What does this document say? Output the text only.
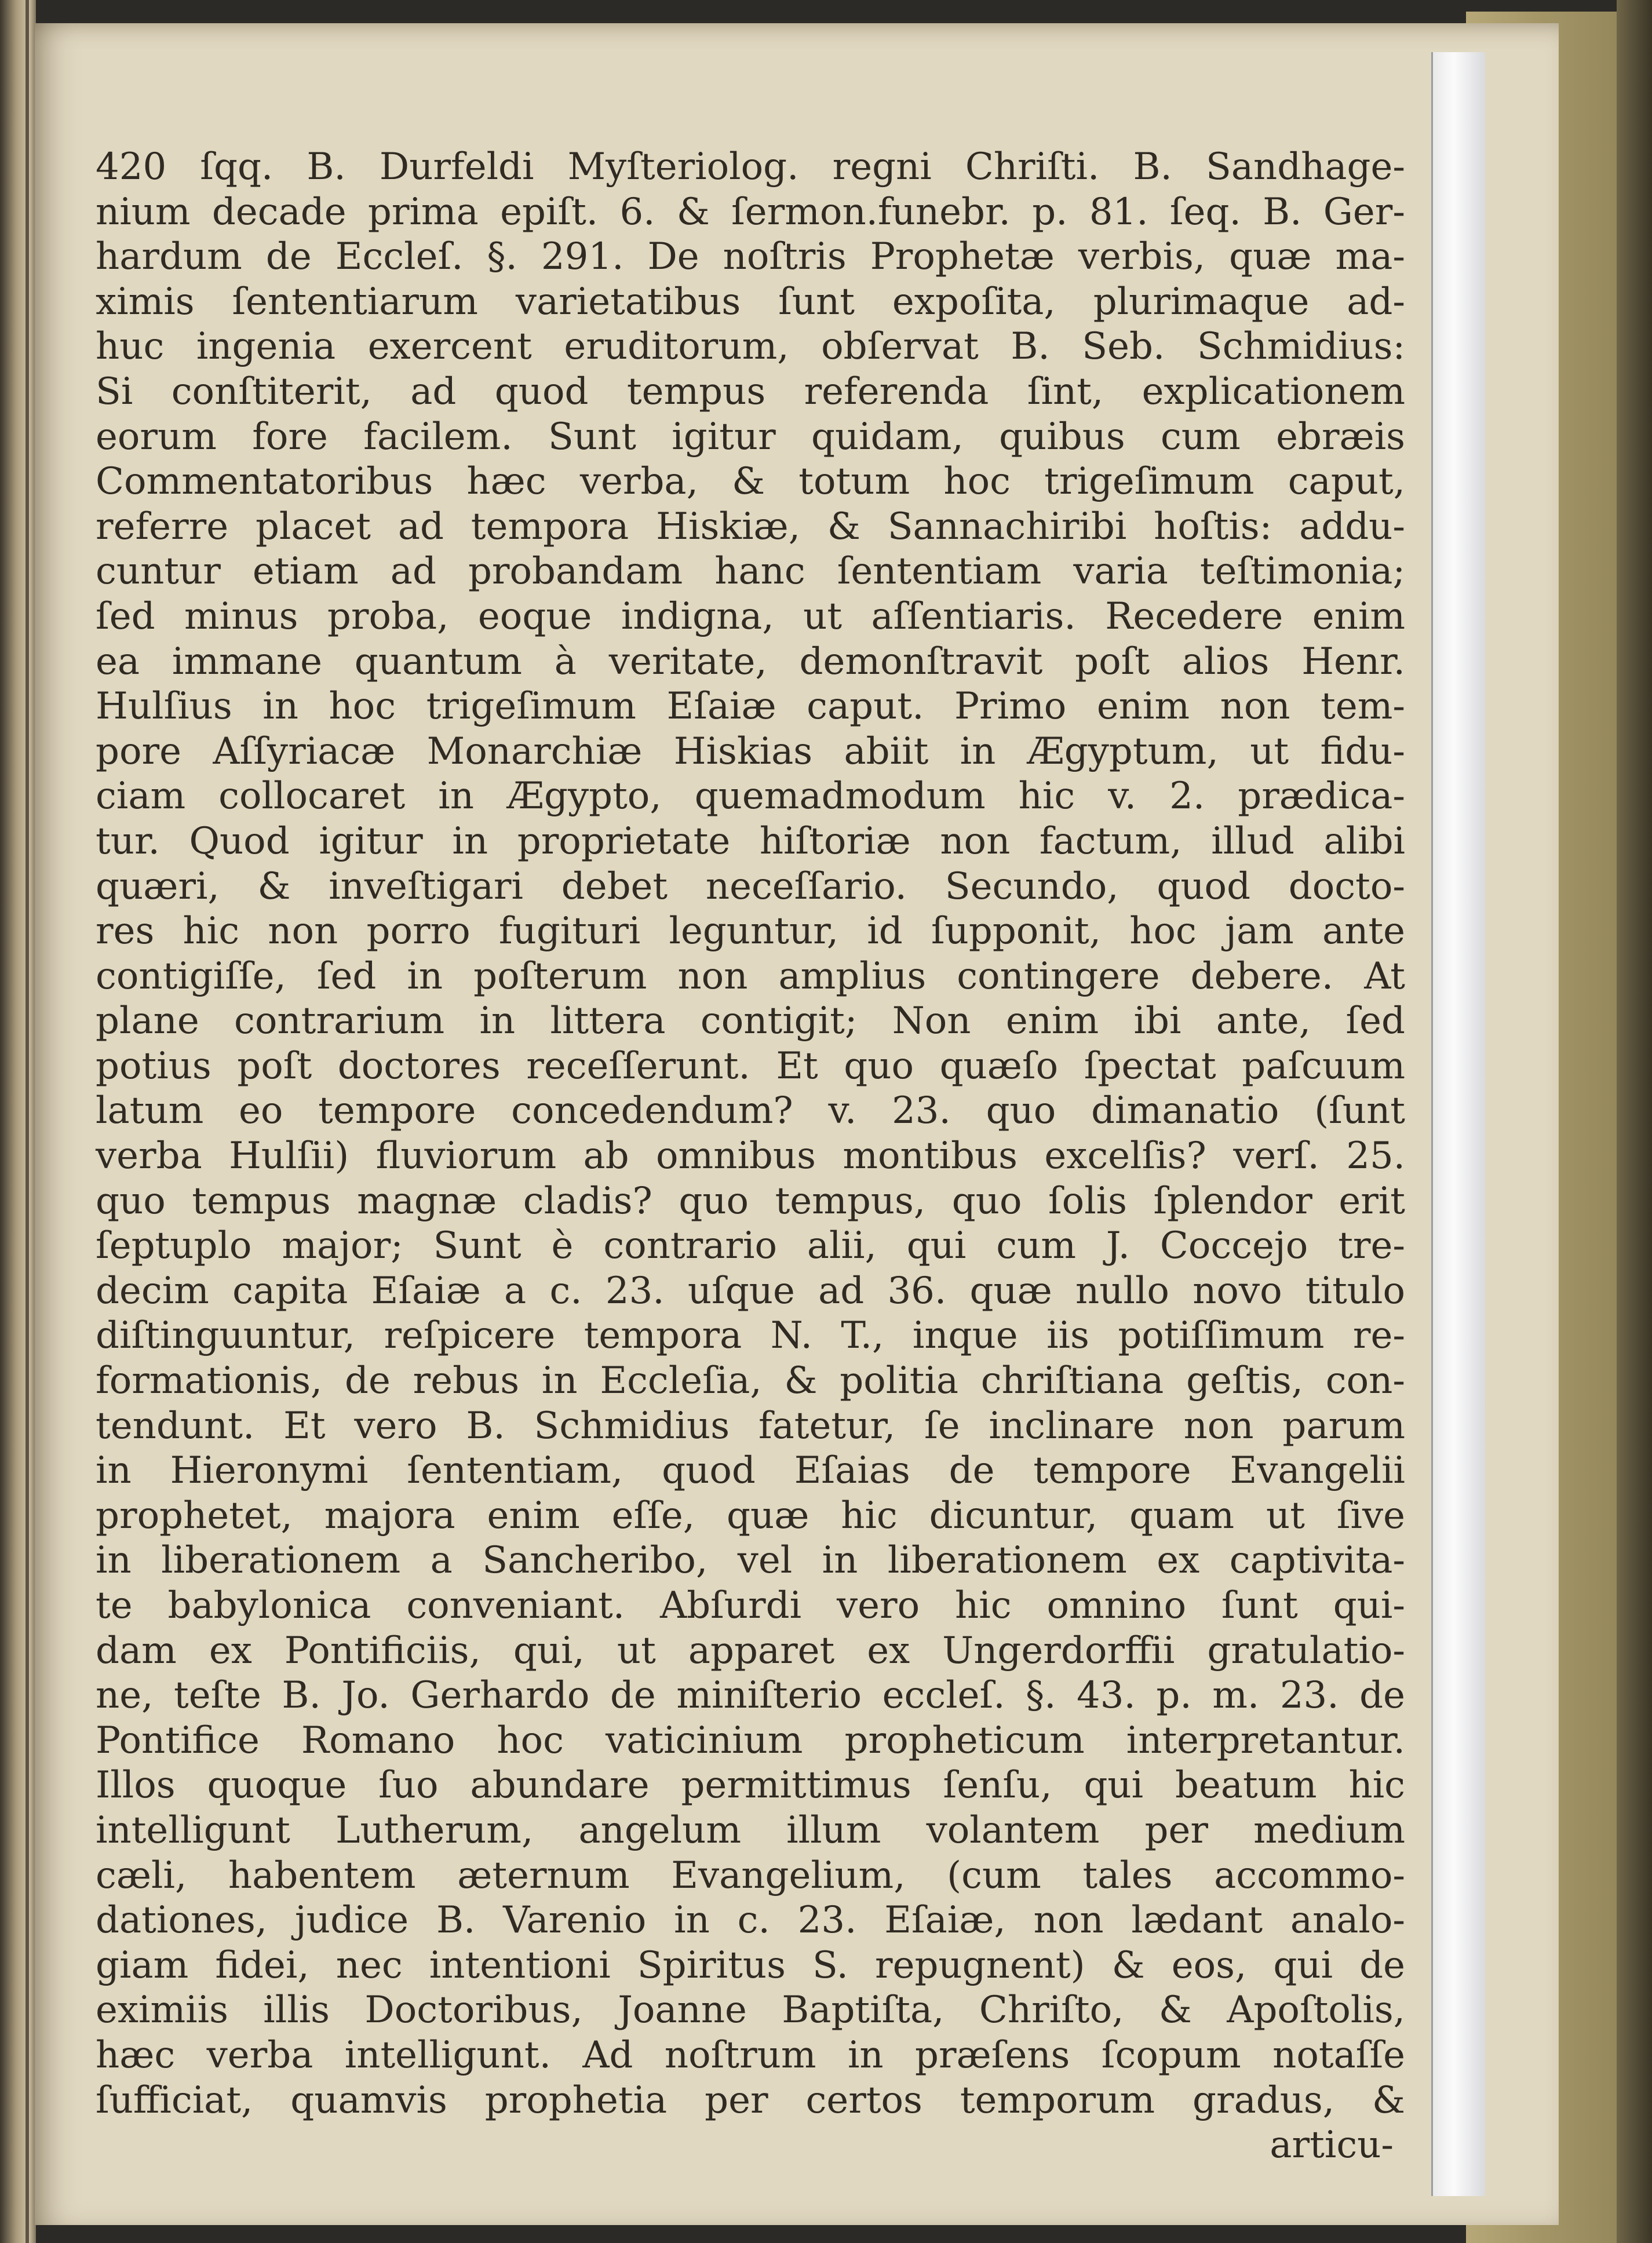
420 ſqq. B. Durfeldi Myſteriolog. regni Chriſti. B. Sandhage-
nium decade prima epiſt. 6. & ſermon.funebr. p. 81. ſeq. B. Ger-
hardum de Eccleſ. §. 291. De noſtris Prophetæ verbis, quæ ma-
ximis ſententiarum varietatibus ſunt expoſita, plurimaque ad-
huc ingenia exercent eruditorum, obſervat B. Seb. Schmidius:
Si conſtiterit, ad quod tempus referenda ſint, explicationem
eorum fore facilem. Sunt igitur quidam, quibus cum ebræis
Commentatoribus hæc verba, & totum hoc trigeſimum caput,
referre placet ad tempora Hiskiæ, & Sannachiribi hoſtis: addu-
cuntur etiam ad probandam hanc ſententiam varia teſtimonia;
ſed minus proba, eoque indigna, ut aſſentiaris. Recedere enim
ea immane quantum à veritate, demonſtravit poſt alios Henr.
Hulſius in hoc trigeſimum Eſaiæ caput. Primo enim non tem-
pore Aſſyriacæ Monarchiæ Hiskias abiit in Ægyptum, ut fidu-
ciam collocaret in Ægypto, quemadmodum hic v. 2. prædica-
tur. Quod igitur in proprietate hiſtoriæ non factum, illud alibi
quæri, & inveſtigari debet neceſſario. Secundo, quod docto-
res hic non porro fugituri leguntur, id ſupponit, hoc jam ante
contigiſſe, ſed in poſterum non amplius contingere debere. At
plane contrarium in littera contigit; Non enim ibi ante, ſed
potius poſt doctores receſſerunt. Et quo quæſo ſpectat paſcuum
latum eo tempore concedendum? v. 23. quo dimanatio (ſunt
verba Hulſii) fluviorum ab omnibus montibus excelſis? verſ. 25.
quo tempus magnæ cladis? quo tempus, quo ſolis ſplendor erit
ſeptuplo major; Sunt è contrario alii, qui cum J. Coccejo tre-
decim capita Eſaiæ a c. 23. uſque ad 36. quæ nullo novo titulo
diſtinguuntur, reſpicere tempora N. T., inque iis potiſſimum re-
formationis, de rebus in Eccleſia, & politia chriſtiana geſtis, con-
tendunt. Et vero B. Schmidius fatetur, ſe inclinare non parum
in Hieronymi ſententiam, quod Eſaias de tempore Evangelii
prophetet, majora enim eſſe, quæ hic dicuntur, quam ut ſive
in liberationem a Sancheribo, vel in liberationem ex captivita-
te babylonica conveniant. Abſurdi vero hic omnino ſunt qui-
dam ex Pontificiis, qui, ut apparet ex Ungerdorffii gratulatio-
ne, teſte B. Jo. Gerhardo de miniſterio eccleſ. §. 43. p. m. 23. de
Pontifice Romano hoc vaticinium propheticum interpretantur.
Illos quoque ſuo abundare permittimus ſenſu, qui beatum hic
intelligunt Lutherum, angelum illum volantem per medium
cæli, habentem æternum Evangelium, (cum tales accommo-
dationes, judice B. Varenio in c. 23. Eſaiæ, non lædant analo-
giam fidei, nec intentioni Spiritus S. repugnent) & eos, qui de
eximiis illis Doctoribus, Joanne Baptiſta, Chriſto, & Apoſtolis,
hæc verba intelligunt. Ad noſtrum in præſens ſcopum notaſſe
ſufficiat, quamvis prophetia per certos temporum gradus, &
articu-
